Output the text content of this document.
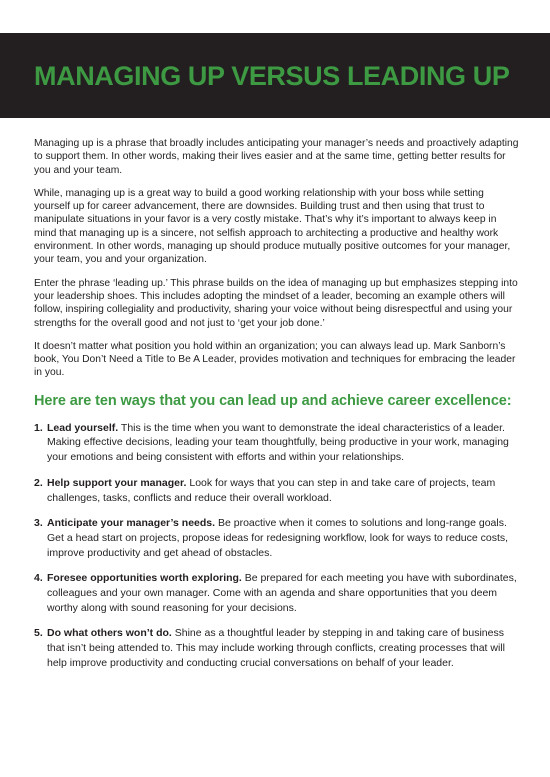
MANAGING UP VERSUS LEADING UP

Managing up is a phrase that broadly includes anticipating your manager’s needs and proactively adapting to support them. In other words, making their lives easier and at the same time, getting better results for you and your team.

While, managing up is a great way to build a good working relationship with your boss while setting yourself up for career advancement, there are downsides. Building trust and then using that trust to manipulate situations in your favor is a very costly mistake. That’s why it’s important to always keep in mind that managing up is a sincere, not selfish approach to architecting a productive and healthy work environment. In other words, managing up should produce mutually positive outcomes for your manager, your team, you and your organization.

Enter the phrase ‘leading up.’ This phrase builds on the idea of managing up but emphasizes stepping into your leadership shoes. This includes adopting the mindset of a leader, becoming an example others will follow, inspiring collegiality and productivity, sharing your voice without being disrespectful and using your strengths for the overall good and not just to ‘get your job done.’

It doesn’t matter what position you hold within an organization; you can always lead up. Mark Sanborn’s book, You Don’t Need a Title to Be A Leader, provides motivation and techniques for embracing the leader in you.

Here are ten ways that you can lead up and achieve career excellence:
1. Lead yourself. This is the time when you want to demonstrate the ideal characteristics of a leader. Making effective decisions, leading your team thoughtfully, being productive in your work, managing your emotions and being consistent with efforts and within your relationships.
2. Help support your manager. Look for ways that you can step in and take care of projects, team challenges, tasks, conflicts and reduce their overall workload.
3. Anticipate your manager’s needs. Be proactive when it comes to solutions and long-range goals. Get a head start on projects, propose ideas for redesigning workflow, look for ways to reduce costs, improve productivity and get ahead of obstacles.
4. Foresee opportunities worth exploring. Be prepared for each meeting you have with subordinates, colleagues and your own manager. Come with an agenda and share opportunities that you deem worthy along with sound reasoning for your decisions.
5. Do what others won’t do. Shine as a thoughtful leader by stepping in and taking care of business that isn’t being attended to. This may include working through conflicts, creating processes that will help improve productivity and conducting crucial conversations on behalf of your leader.
